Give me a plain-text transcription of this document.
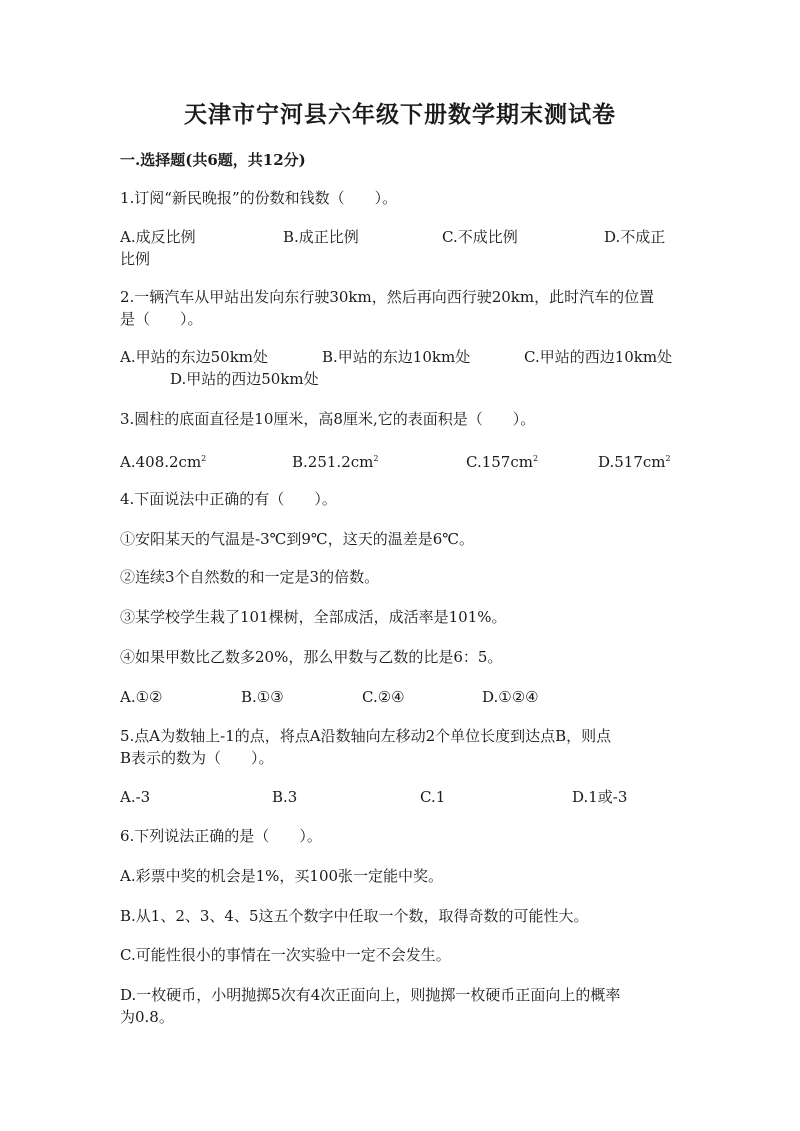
天津市宁河县六年级下册数学期末测试卷
一.选择题(共6题，共12分)
1.订阅“新民晚报”的份数和钱数（　　）。
A.成反比例	B.成正比例	C.不成比例	D.不成正
比例
2.一辆汽车从甲站出发向东行驶30km，然后再向西行驶20km，此时汽车的位置
是（　　）。
A.甲站的东边50km处	B.甲站的东边10km处	C.甲站的西边10km处
D.甲站的西边50km处
3.圆柱的底面直径是10厘米，高8厘米,它的表面积是（　　）。
$A.408.2cm^2$	$B.251.2cm^2$	$C.157cm^2$	$D.517cm^2$
4.下面说法中正确的有（　　）。
①安阳某天的气温是-3℃到9℃，这天的温差是6℃。
②连续3个自然数的和一定是3的倍数。
③某学校学生栽了101棵树，全部成活，成活率是101%。
④如果甲数比乙数多20%，那么甲数与乙数的比是6：5。
A.①②	B.①③	C.②④	D.①②④
5.点A为数轴上-1的点，将点A沿数轴向左移动2个单位长度到达点B，则点
B表示的数为（　　）。
A.-3	B.3	C.1	D.1或-3
6.下列说法正确的是（　　）。
A.彩票中奖的机会是1%，买100张一定能中奖。
B.从1、2、3、4、5这五个数字中任取一个数，取得奇数的可能性大。
C.可能性很小的事情在一次实验中一定不会发生。
D.一枚硬币，小明抛掷5次有4次正面向上，则抛掷一枚硬币正面向上的概率
为0.8。
